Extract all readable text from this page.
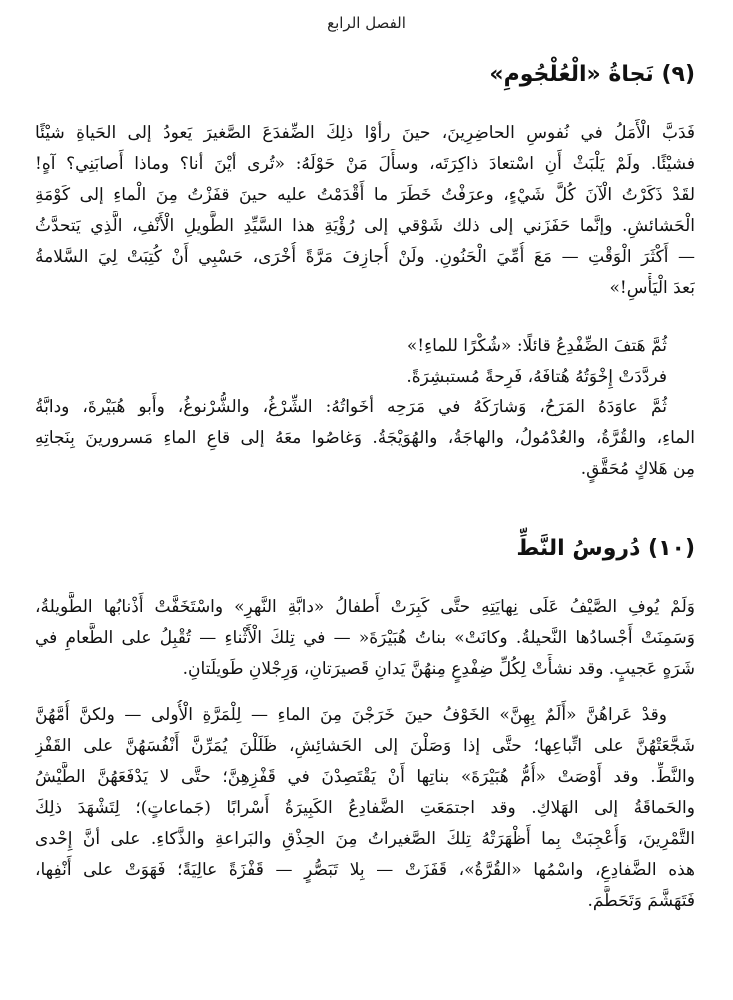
الفصل الرابع
(٩) نَجاةُ «الْعُلْجُومِ»
فَدَبَّ الْأَمَلُ في نُفوسِ الحاضِرِينَ، حينَ رأوْا ذلِكَ الضِّفدَعَ الصَّغيرَ يَعودُ إلى الحَياةِ شيْئًا
فشيْئًا. ولَمْ يَلْبَثْ أَنِ اسْتعادَ ذاكِرَتَه، وسأَلَ مَنْ حَوْلَهُ: «تُرى أيْنَ أنا؟ وماذا أَصابَنِي؟ آهٍ!
لقَدْ ذَكَرْتُ الْآنَ كُلَّ شَيْءٍ، وعرَفْتُ خَطَرَ ما أَقْدَمْتُ عليه حينَ قفَزْتُ مِنَ الْماءِ إلى كَوْمَةِ
الْحَشائشِ. وإنَّما حَفَزَني إلى ذلك شَوْقي إلى رُؤْيَةِ هذا السَّيِّدِ الطَّويلِ الْأَنْفِ، الَّذِي يَتحدَّثُ
— أَكْثَرَ الْوَقْتِ — مَعَ أُمِّيَ الْحَنُونِ. ولَنْ أُجازِفَ مَرَّةً أُخْرَى، حَسْبِي أَنْ كُتِبَتْ لِيَ السَّلامةُ
بَعدَ الْيَأْسِ!»
ثُمَّ هَتفَ الضِّفْدِعُ قائلًا: «شُكْرًا للماءِ!»
فردَّدَتْ إِخْوَتُهُ هُتافَهُ، فَرِحةً مُستبشِرَةً.
ثُمَّ عاوَدَهُ المَرَحُ، وَشارَكَهُ في مَرَحِه أخَواتُهُ: الشِّرْغُ، والشُّرْنوغُ، وأَبو هُبَيْرةَ، ودابَّةُ
الماءِ، والقُرَّةُ، والعُدْمُولُ، والهاجَةُ، والهُوَيْجَةُ. وَغاصُوا معَهُ إلى قاعِ الماءِ مَسرورينَ بِنَجاتِهِ
مِن هَلاكٍ مُحَقَّقٍ.
(١٠) دُروسُ النَّطِّ
وَلَمْ يُوفِ الصَّيْفُ عَلَى نِهايَتِهِ حتَّى كَبِرَتْ أَطفالُ «دابَّةِ النَّهرِ» واسْتَخَفَّتْ أَذْنابُها الطَّويلةُ،
وَسَمِنَتْ أَجْسادُها النَّحيلةُ. وكانَتْ» بناتُ هُبَيْرَةَ« — في تِلكَ الْأَثْناءِ — تُقْبِلُ على الطَّعامِ في
شَرَهٍ عَجيبٍ. وقد نشأَتْ لِكُلِّ ضِفْدِعٍ مِنهُنَّ يَدانِ قَصيرَتانِ، وَرِجْلانِ طَويلَتانِ.
وقدْ عَراهُنَّ «أَلَمٌ بِهِنَّ» الخَوْفُ حينَ خَرَجْنَ مِنَ الماءِ — لِلْمَرَّةِ الْأُولى — ولكنَّ أُمَّهُنَّ
شَجَّعَتْهُنَّ على اتِّباعِها؛ حتَّى إذا وَصَلْنَ إلى الحَشائِشِ، ظَلَلْنَ يُمَرِّنَّ أَنْفُسَهُنَّ على القَفْزِ
والنَّطِّ. وقد أَوْصَتْ «أُمُّ هُبَيْرَةَ» بناتِها أَنْ يَقْتَصِدْنَ في قَفْزِهِنَّ؛ حتَّى لا يَدْفَعَهُنَّ الطَّيْشُ
والحَماقَةُ إلى الهَلاكِ. وقد اجتمَعَتِ الضَّفادِعُ الكَبِيرَةُ أَسْرابًا (جَماعاتٍ)؛ لِتَشْهَدَ ذلِكَ
التَّمْرِينَ، وَأُعْجِبَتْ بِما أَظْهَرَتْهُ تِلكَ الصَّغيراتُ مِنَ الحِذْقِ والبَراعةِ والذَّكاءِ. على أنَّ إِحْدى
هذه الضَّفادِعِ، واسْمُها «القُرَّةُ»، قَفَزَتْ — بِلا تَبَصُّرٍ — قَفْزَةً عالِيَةً؛ فَهَوَتْ على أَنْفِها،
فَتَهَشَّمَ وَتَحَطَّمَ.
